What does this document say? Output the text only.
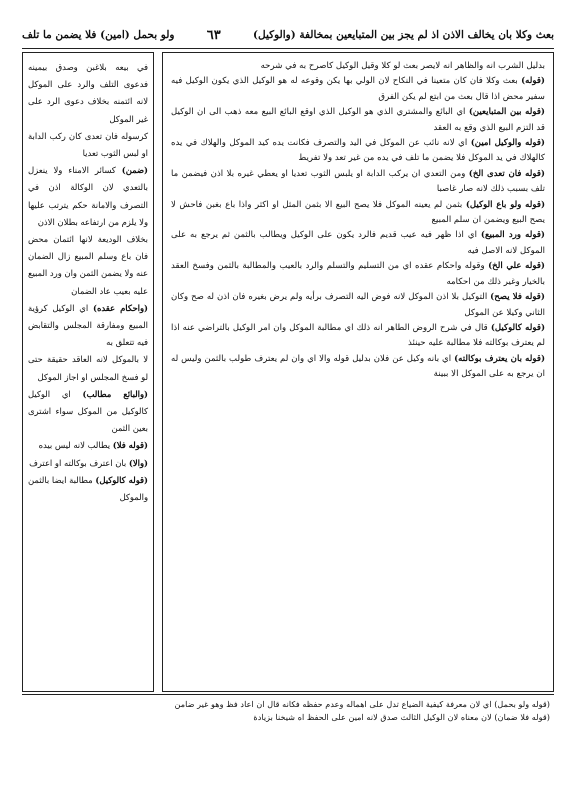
بعث وكلا بان يخالف الاذن اذ لم يجز بين المتبايعين بمخالفة (والوكيل)
٦٣
ولو بحمل (امين) فلا يضمن ما تلف

بدليل الشرب انه والظاهر انه لايصر بعث لو كلا وقيل الوكيل كاصرح به في شرحه

(قوله) بعث وكلا فان كان متعينا في النكاح لان الولي بها يكن وقوعه له هو الوكيل الذي يكون الوكيل فيه سفير محض اذا قال بعث من ابتع لم يكن الفرق

(قوله بين المتبايعين) اي البائع والمشتري الذي هو الوكيل الذي اوقع البائع البيع معه ذهب الى ان الوكيل قد التزم البيع الذي وقع به العقد

(قوله والوكيل امين) اي لانه نائب عن الموكل في اليد والتصرف فكانت يده كيد الموكل والهلاك في يده كالهلاك في يد الموكل فلا يضمن ما تلف في يده من غير تعد ولا تفريط

(قوله فان تعدى الخ) ومن التعدي ان يركب الدابة او يلبس الثوب تعديا او يعطي غيره بلا اذن فيضمن ما تلف بسبب ذلك لانه صار غاصبا

(قوله ولو باع الوكيل) بثمن لم يعينه الموكل فلا يصح البيع الا بثمن المثل او اكثر واذا باع بغبن فاحش لا يصح البيع ويضمن ان سلم المبيع

(قوله ورد المبيع) اي اذا ظهر فيه عيب قديم فالرد يكون على الوكيل ويطالب بالثمن ثم يرجع به على الموكل لانه الاصل فيه

(قوله علي الخ) وقوله واحكام عقده اي من التسليم والتسلم والرد بالعيب والمطالبة بالثمن وفسخ العقد بالخيار وغير ذلك من احكامه

(قوله فلا يصح) التوكيل بلا اذن الموكل لانه فوض اليه التصرف برأيه ولم يرض بغيره فان اذن له صح وكان الثاني وكيلا عن الموكل

(قوله كالوكيل) قال في شرح الروض الطاهر انه ذلك اي مطالبة الموكل وان امر الوكيل بالتراضي عنه اذا لم يعترف بوكالته فلا مطالبة عليه حينئذ

(قوله بان يعترف بوكالته) اي بانه وكيل عن فلان بدليل قوله والا اي وان لم يعترف طولب بالثمن وليس له ان يرجع به على الموكل الا ببينة

في بيعه بلاغبن وصدق بيمينه فدعوى التلف والرد على الموكل لانه ائتمنه بخلاف دعوى الرد على غير الموكل

كرسوله فان تعدى كان ركب الدابة او لبس الثوب تعديا

(ضمن) كسائر الامناء ولا ينعزل بالتعدي لان الوكالة اذن في التصرف والامانة حكم يترتب عليها ولا يلزم من ارتفاعه بطلان الاذن

بخلاف الوديعة لانها ائتمان محض فان باع وسلم المبيع زال الضمان عنه ولا يضمن الثمن وان ورد المبيع عليه بعيب عاد الضمان

(واحكام عقده) اي الوكيل كرؤية المبيع ومفارقة المجلس والتقابض فيه تتعلق به

لا بالموكل لانه العاقد حقيقة حتى لو فسخ المجلس او اجاز الموكل

(والبائع مطالب) اي الوكيل كالوكيل من الموكل سواء اشترى بعين الثمن

(قوله فلا) يطالب لانه ليس بيده

(والا) بان اعترف بوكالته او اعترف

(قوله كالوكيل) مطالبة ايضا بالثمن والموكل

(قوله ولو بحمل) اي لان معرفة كيفية الضياع تدل على اهماله وعدم حفظه فكانه قال ان اعاد فظ وهو غير ضامن

(قوله فلا ضمان) لان معناه لان الوكيل الثالث صدق لانه امين على الحفظ اه شيخنا بزيادة
